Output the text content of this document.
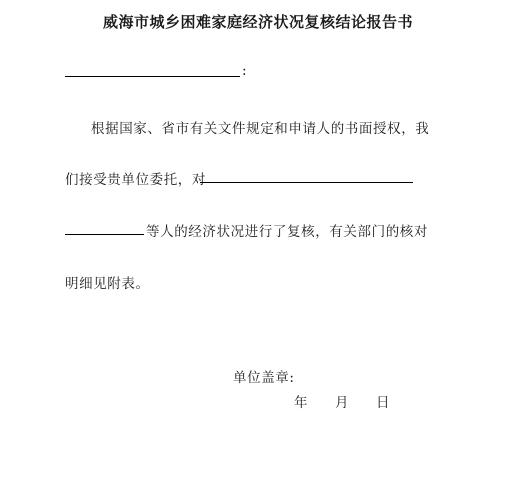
威海市城乡困难家庭经济状况复核结论报告书
:
根据国家、省市有关文件规定和申请人的书面授权，我
们接受贵单位委托，对
等人的经济状况进行了复核，有关部门的核对
明细见附表。
单位盖章:
年 月 日
